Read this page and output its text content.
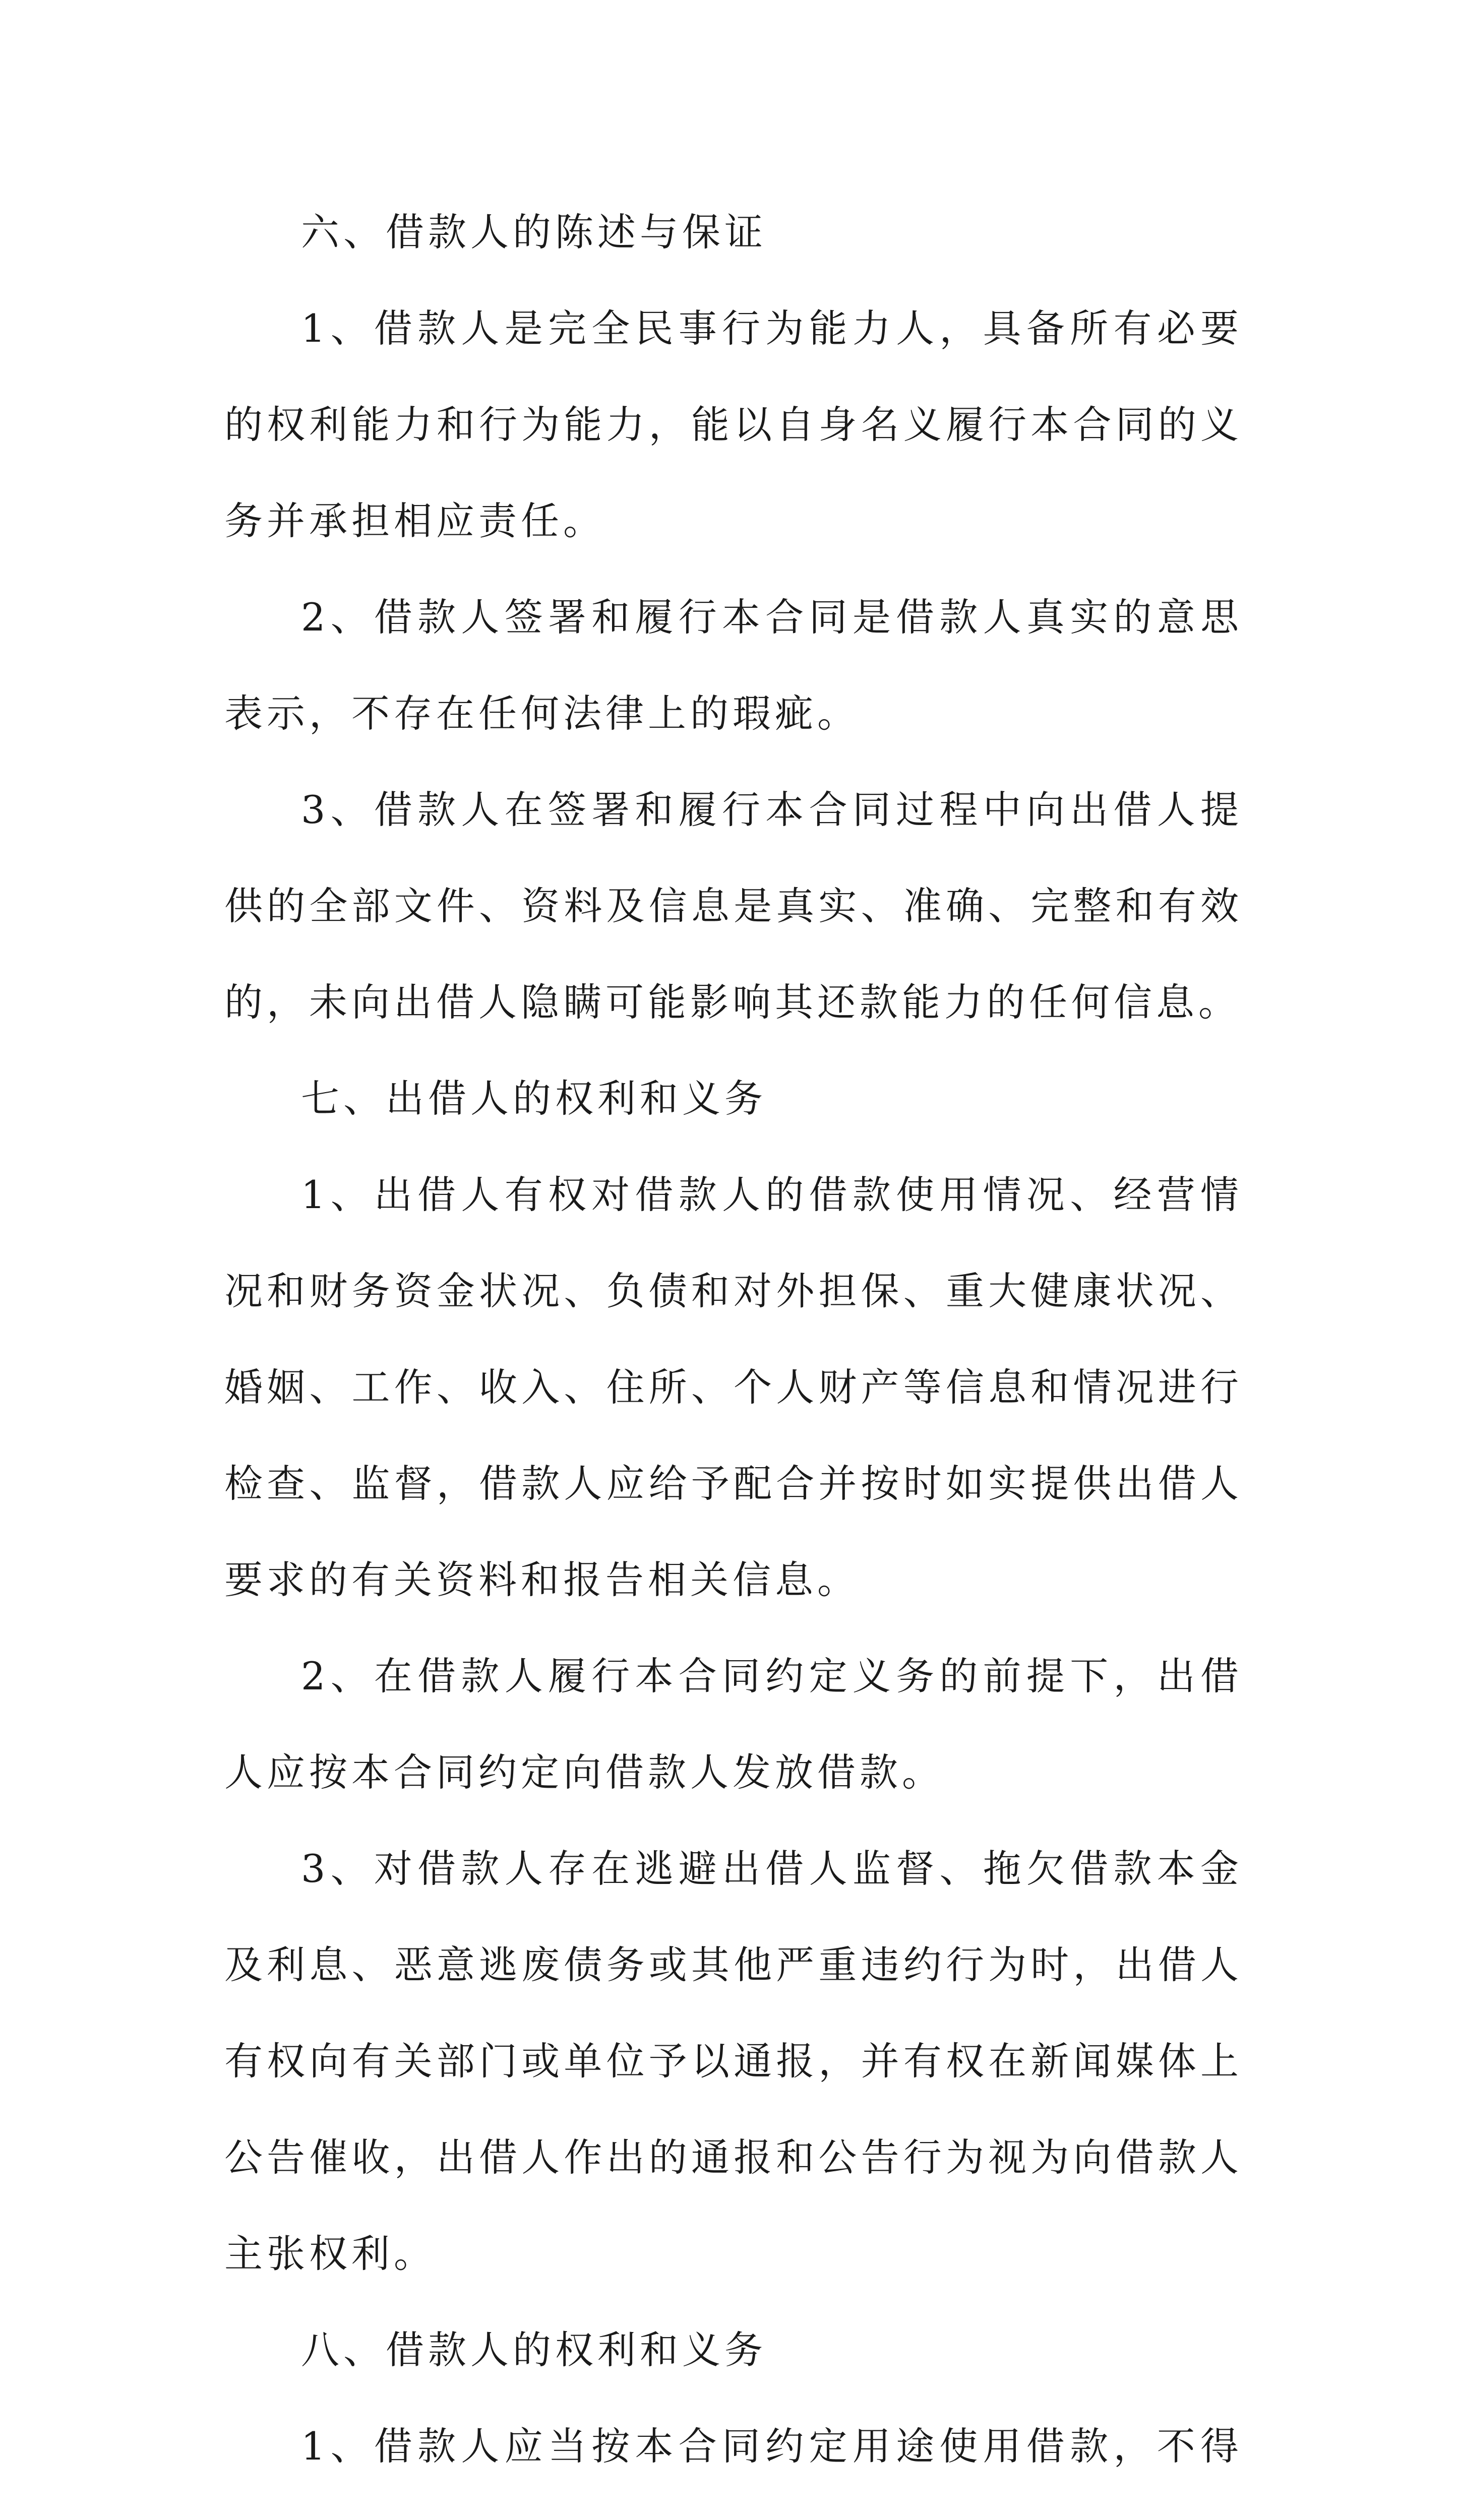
六、借款人的陈述与保证

1、借款人是完全民事行为能力人，具备所有必要的权利能力和行为能力，能以自身名义履行本合同的义务并承担相应责任。

2、借款人签署和履行本合同是借款人真实的意思表示，不存在任何法律上的瑕疵。

3、借款人在签署和履行本合同过程中向出借人提供的全部文件、资料及信息是真实、准确、完整和有效的，未向出借人隐瞒可能影响其还款能力的任何信息。

七、出借人的权利和义务

1、出借人有权对借款人的借款使用情况、经营情况和财务资金状况、负债和对外担保、重大健康状况、婚姻、工作、收入、住所、个人财产等信息和情况进行检查、监督，借款人应给予配合并按时如实提供出借人要求的有关资料和报告相关信息。

2、在借款人履行本合同约定义务的前提下，出借人应按本合同约定向借款人发放借款。

3、对借款人存在逃避出借人监督、拖欠借款本金及利息、恶意逃废债务或其他严重违约行为时，出借人有权向有关部门或单位予以通报，并有权在新闻媒体上公告催收，出借人作出的通报和公告行为视为向借款人主张权利。

八、借款人的权利和义务

1、借款人应当按本合同约定用途使用借款，不得
